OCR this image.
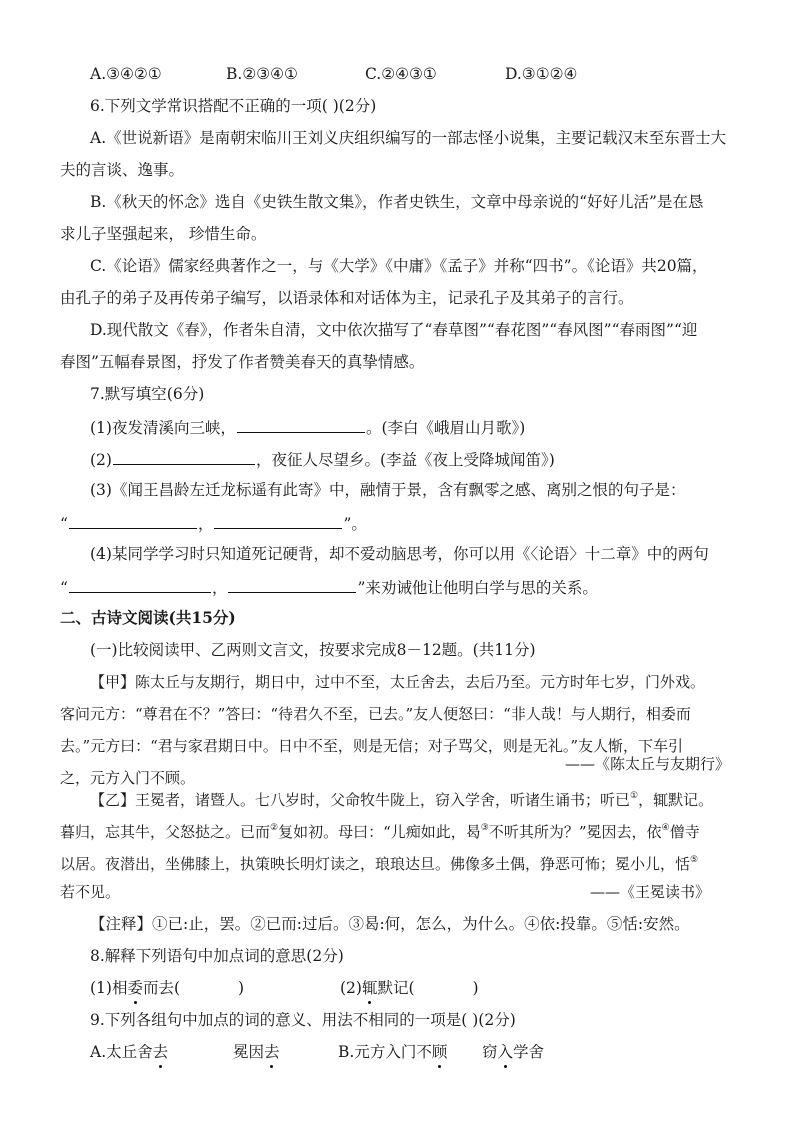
A.③④②①	B.②③④①	C.②④③①	D.③①②④
6.下列文学常识搭配不正确的一项( )(2分)
A.《世说新语》是南朝宋临川王刘义庆组织编写的一部志怪小说集，主要记载汉末至东晋士大
夫的言谈、逸事。
B.《秋天的怀念》选自《史铁生散文集》，作者史铁生，文章中母亲说的“好好儿活”是在恳
求儿子坚强起来， 珍惜生命。
C.《论语》儒家经典著作之一，与《大学》《中庸》《孟子》并称“四书”。《论语》共20篇，
由孔子的弟子及再传弟子编写，以语录体和对话体为主，记录孔子及其弟子的言行。
D.现代散文《春》，作者朱自清，文中依次描写了“春草图”“春花图”“春风图”“春雨图”“迎
春图”五幅春景图，抒发了作者赞美春天的真挚情感。
7.默写填空(6分)
(1)夜发清溪向三峡，	。(李白《峨眉山月歌》)
(2)	，夜征人尽望乡。(李益《夜上受降城闻笛》)
(3)《闻王昌龄左迁龙标遥有此寄》中，融情于景，含有飘零之感、离别之恨的句子是：
“	，	”。
(4)某同学学习时只知道死记硬背，却不爱动脑思考，你可以用《〈论语〉十二章》中的两句
“	，	”来劝诫他让他明白学与思的关系。
二、古诗文阅读(共15分)
(一)比较阅读甲、乙两则文言文，按要求完成8－12题。(共11分)
【甲】陈太丘与友期行，期日中，过中不至，太丘舍去，去后乃至。元方时年七岁，门外戏。
客问元方：“尊君在不？”答曰：“待君久不至，已去。”友人便怒曰：“非人哉！与人期行，相委而
去。”元方曰：“君与家君期日中。日中不至，则是无信；对子骂父，则是无礼。”友人惭，下车引
之，元方入门不顾。
——《陈太丘与友期行》
【乙】王冕者，诸暨人。七八岁时，父命牧牛陇上，窃入学舍，听诸生诵书；听已①，辄默记。
暮归，忘其牛，父怒挞之。已而②复如初。母曰：“儿痴如此，曷③不听其所为？”冕因去，依④僧寺
以居。夜潜出，坐佛膝上，执策映长明灯读之，琅琅达旦。佛像多土偶，狰恶可怖；冕小儿，恬⑤
若不见。	——《王冕读书》
【注释】①已:止，罢。②已而:过后。③曷:何，怎么，为什么。④依:投靠。⑤恬:安然。
8.解释下列语句中加点词的意思(2分)
(1)相委而去(	)	(2)辄默记(	)
9.下列各组句中加点的词的意义、用法不相同的一项是( )(2分)
A.太丘舍去	冕因去	B.元方入门不顾 窃入学舍
